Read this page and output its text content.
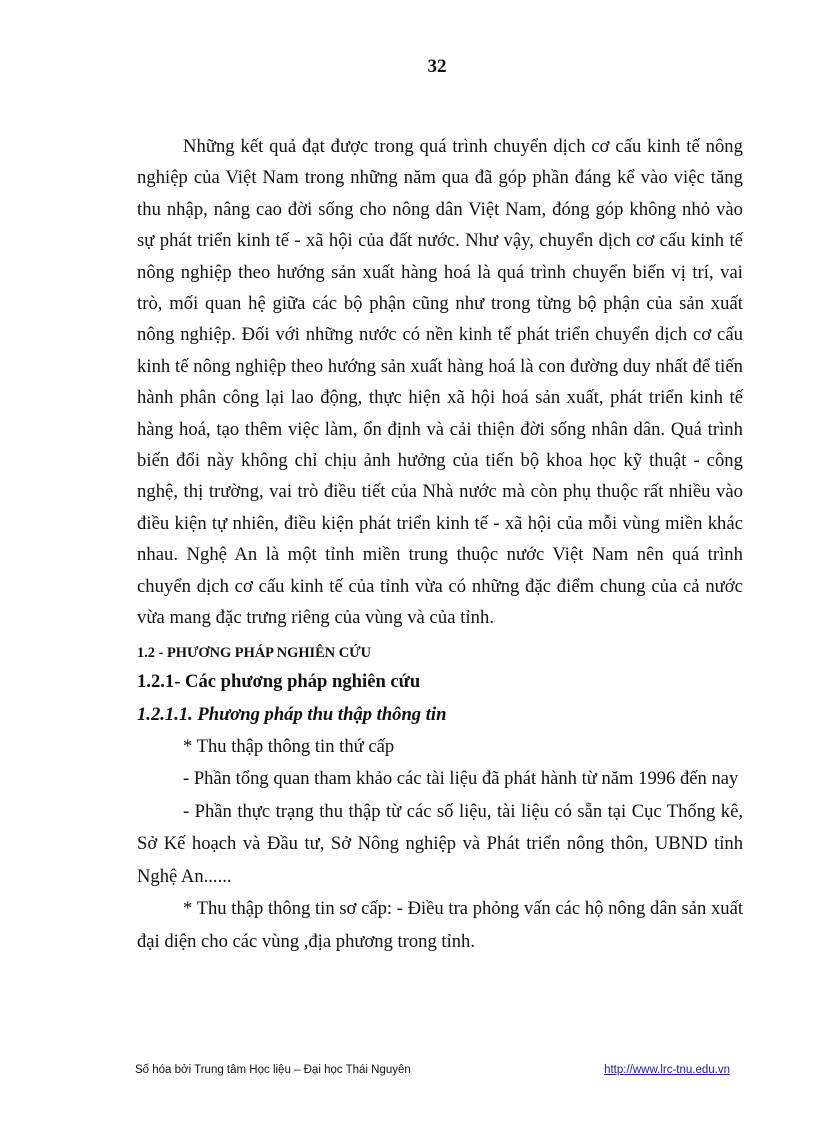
32

Những kết quả đạt được trong quá trình chuyển dịch cơ cấu kinh tế nông nghiệp của Việt Nam trong những năm qua đã góp phần đáng kể vào việc tăng thu nhập, nâng cao đời sống cho nông dân Việt Nam, đóng góp không nhỏ vào sự phát triển kinh tế - xã hội của đất nước. Như vậy, chuyển dịch cơ cấu kinh tế nông nghiệp theo hướng sản xuất hàng hoá là quá trình chuyển biến vị trí, vai trò, mối quan hệ giữa các bộ phận cũng như trong từng bộ phận của sản xuất nông nghiệp. Đối với những nước có nền kinh tế phát triển chuyển dịch cơ cấu kinh tế nông nghiệp theo hướng sản xuất hàng hoá là con đường duy nhất để tiến hành phân công lại lao động, thực hiện xã hội hoá sản xuất, phát triển kinh tế hàng hoá, tạo thêm việc làm, ổn định và cải thiện đời sống nhân dân. Quá trình biến đổi này không chỉ chịu ảnh hưởng của tiến bộ khoa học kỹ thuật - công nghệ, thị trường, vai trò điều tiết của Nhà nước mà còn phụ thuộc rất nhiều vào điều kiện tự nhiên, điều kiện phát triển kinh tế - xã hội của mỗi vùng miền khác nhau. Nghệ An là một tỉnh miền trung thuộc nước Việt Nam nên quá trình chuyển dịch cơ cấu kinh tế của tỉnh vừa có những đặc điểm chung của cả nước vừa mang đặc trưng riêng của vùng và của tỉnh.

1.2 - PHƯƠNG PHÁP NGHIÊN CỨU
1.2.1- Các phương pháp nghiên cứu
1.2.1.1. Phương pháp thu thập thông tin

* Thu thập thông tin thứ cấp

- Phần tổng quan tham khảo các tài liệu đã phát hành từ năm 1996 đến nay

- Phần thực trạng thu thập từ các số liệu, tài liệu có sẵn tại Cục Thống kê, Sở Kế hoạch và Đầu tư, Sở Nông nghiệp và Phát triển nông thôn, UBND tỉnh Nghệ An......

* Thu thập thông tin sơ cấp: - Điều tra phỏng vấn các hộ nông dân sản xuất đại diện cho các vùng ,địa phương trong tỉnh.

Số hóa bởi Trung tâm Học liệu – Đại học Thái Nguyên	http://www.lrc-tnu.edu.vn
